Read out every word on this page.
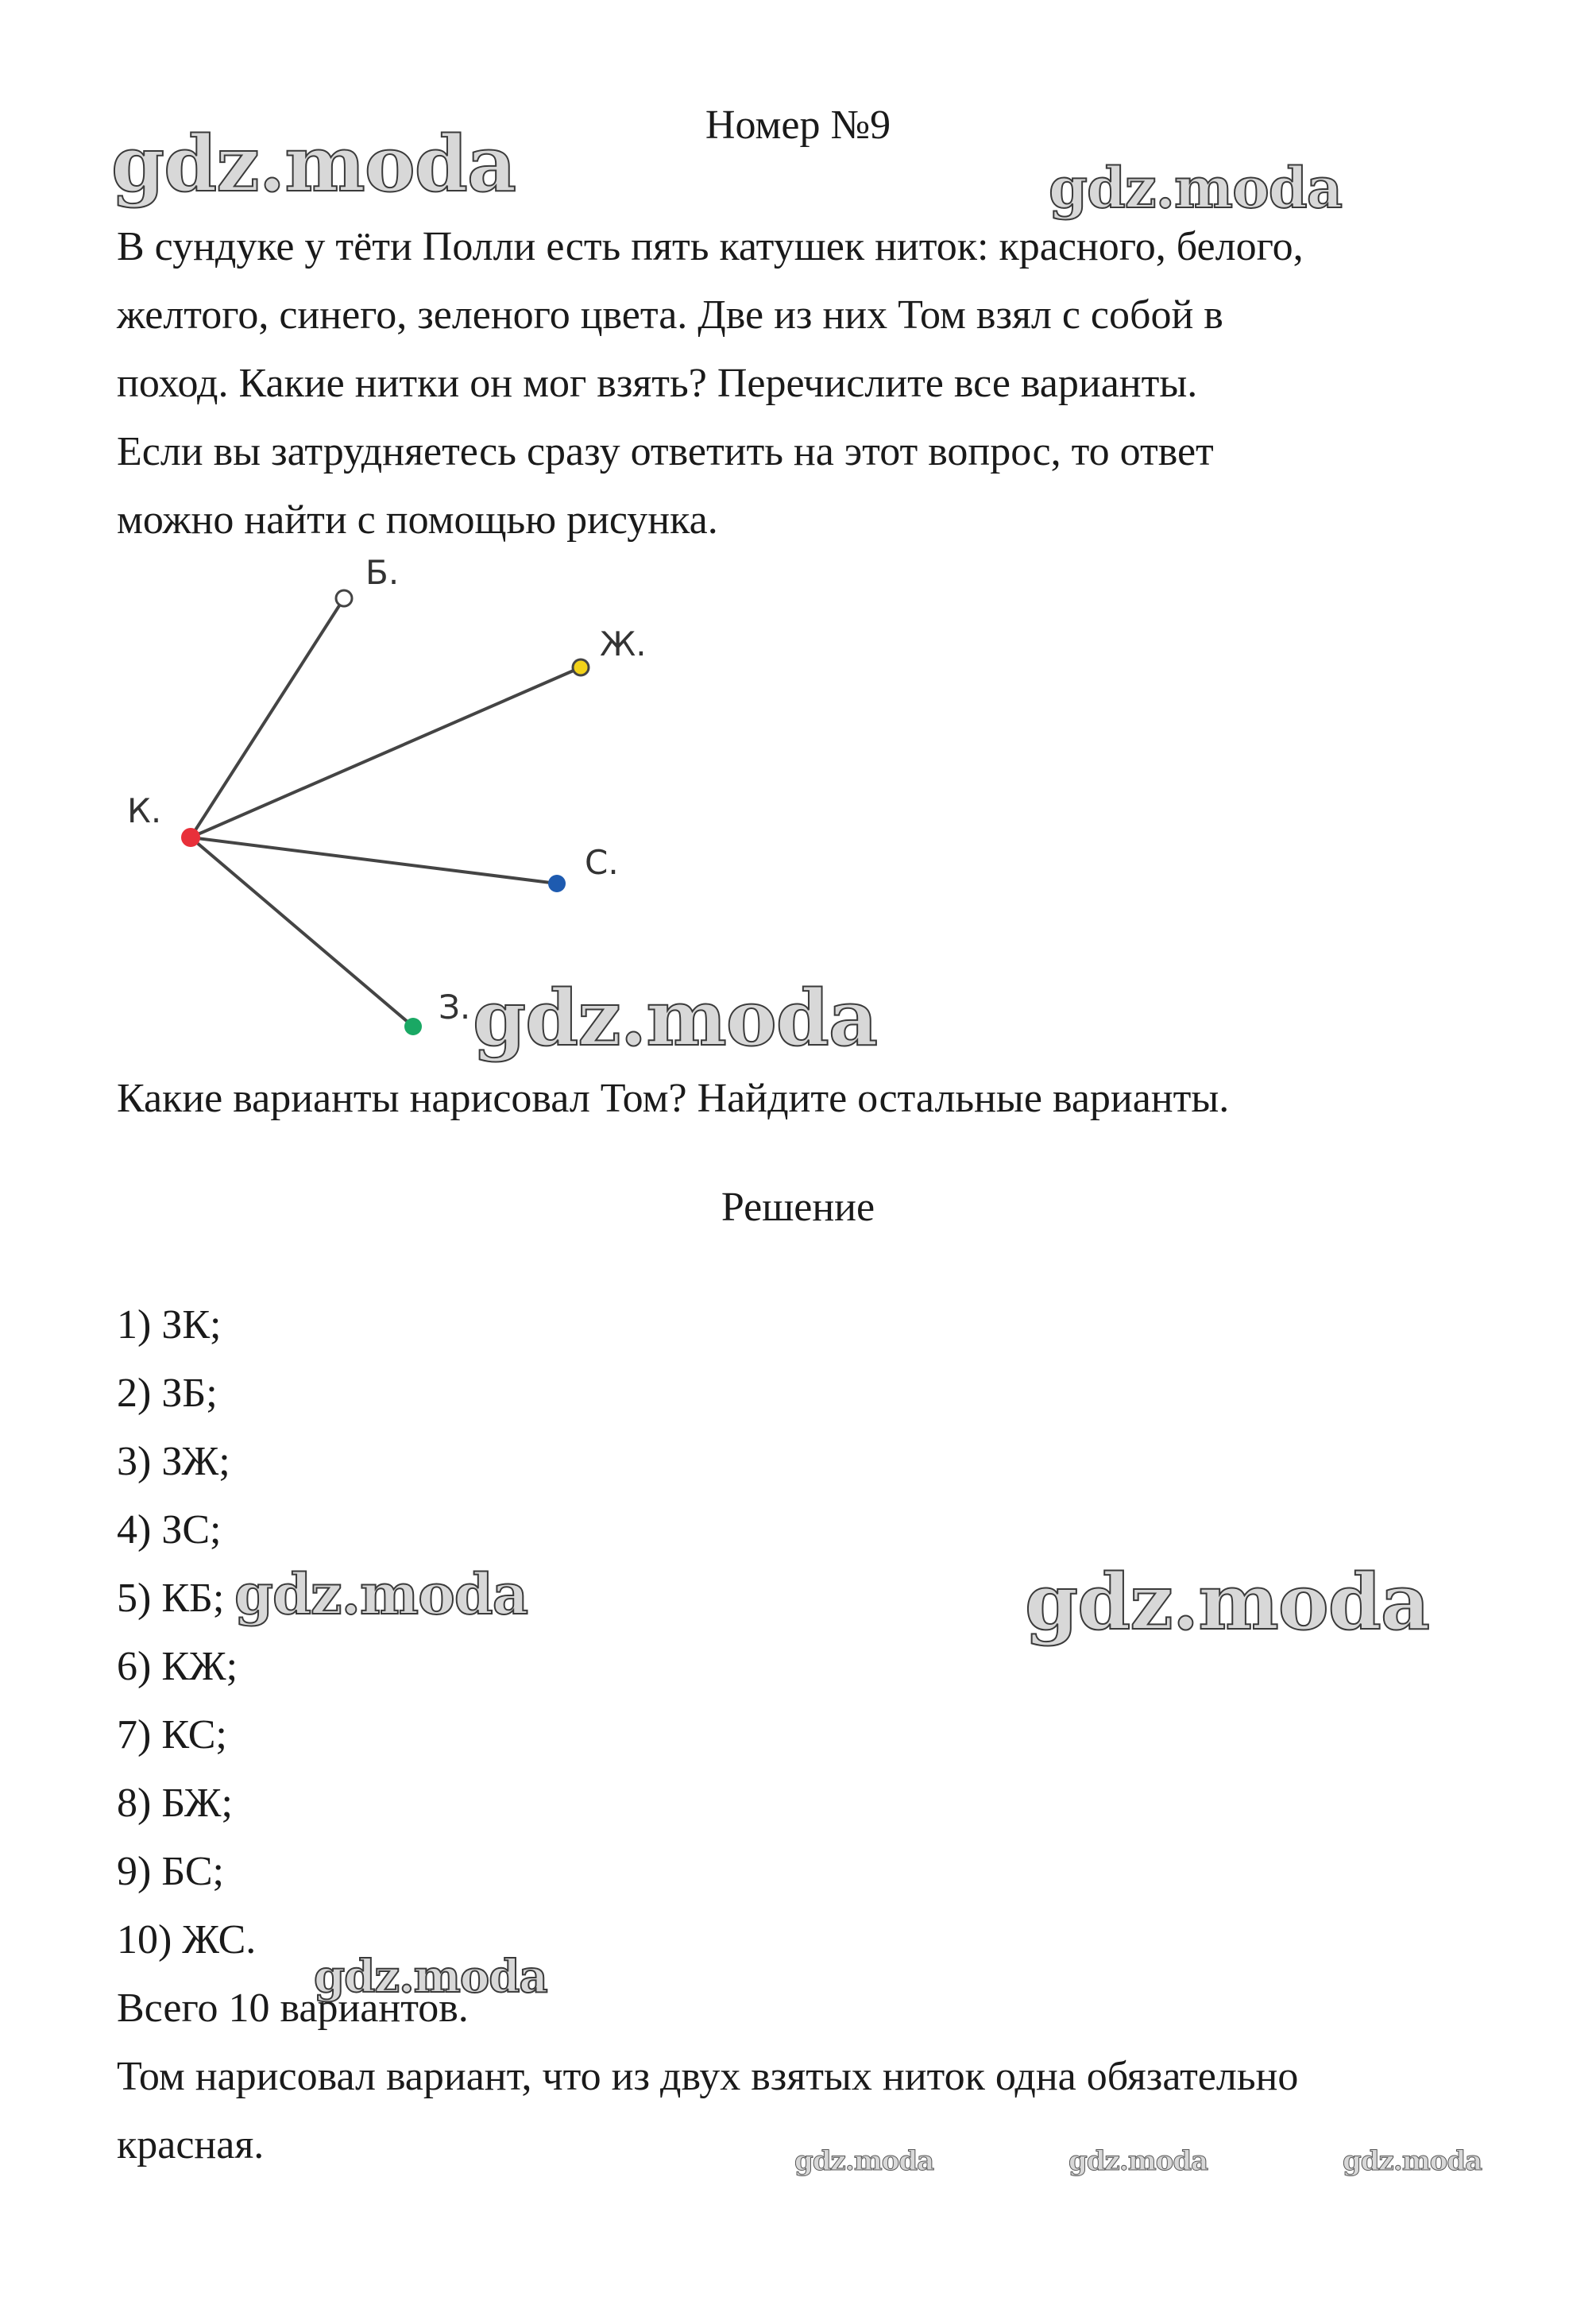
Номер №9
В сундуке у тёти Полли есть пять катушек ниток: красного, белого,
желтого, синего, зеленого цвета. Две из них Том взял с собой в
поход. Какие нитки он мог взять? Перечислите все варианты.
Если вы затрудняетесь сразу ответить на этот вопрос, то ответ
можно найти с помощью рисунка.
К.
Б.
Ж.
С.
З.
Какие варианты нарисовал Том? Найдите остальные варианты.
Решение
1) ЗК;
2) ЗБ;
3) ЗЖ;
4) ЗС;
5) КБ;
6) КЖ;
7) КС;
8) БЖ;
9) БС;
10) ЖС.
Всего 10 вариантов.
Том нарисовал вариант, что из двух взятых ниток одна обязательно
красная.
gdz.moda	gdz.moda
gdz.moda
gdz.moda	gdz.moda
gdz.moda
gdz.moda	gdz.moda	gdz.moda
